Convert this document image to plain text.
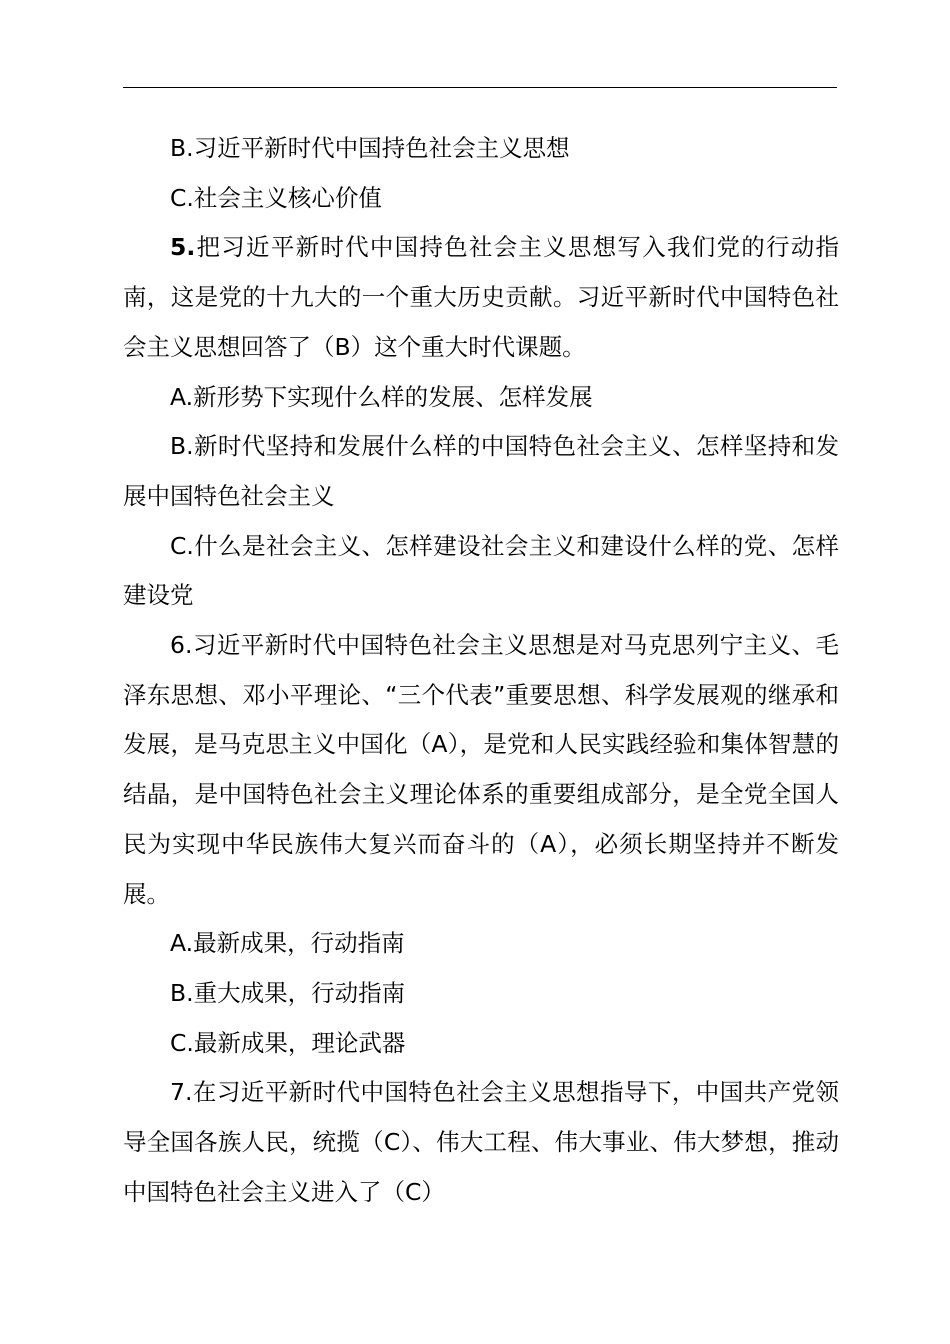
B.习近平新时代中国持色社会主义思想

C.社会主义核心价值

5.把习近平新时代中国持色社会主义思想写入我们党的行动指南，这是党的十九大的一个重大历史贡献。习近平新时代中国特色社会主义思想回答了（B）这个重大时代课题。

A.新形势下实现什么样的发展、怎样发展

B.新时代坚持和发展什么样的中国特色社会主义、怎样坚持和发展中国特色社会主义

C.什么是社会主义、怎样建设社会主义和建设什么样的党、怎样建设党

6.习近平新时代中国特色社会主义思想是对马克思列宁主义、毛泽东思想、邓小平理论、“三个代表”重要思想、科学发展观的继承和发展，是马克思主义中国化（A），是党和人民实践经验和集体智慧的结晶，是中国特色社会主义理论体系的重要组成部分，是全党全国人民为实现中华民族伟大复兴而奋斗的（A），必须长期坚持并不断发展。

A.最新成果，行动指南

B.重大成果，行动指南

C.最新成果，理论武器

7.在习近平新时代中国特色社会主义思想指导下，中国共产党领导全国各族人民，统揽（C）、伟大工程、伟大事业、伟大梦想，推动中国特色社会主义进入了（C）
